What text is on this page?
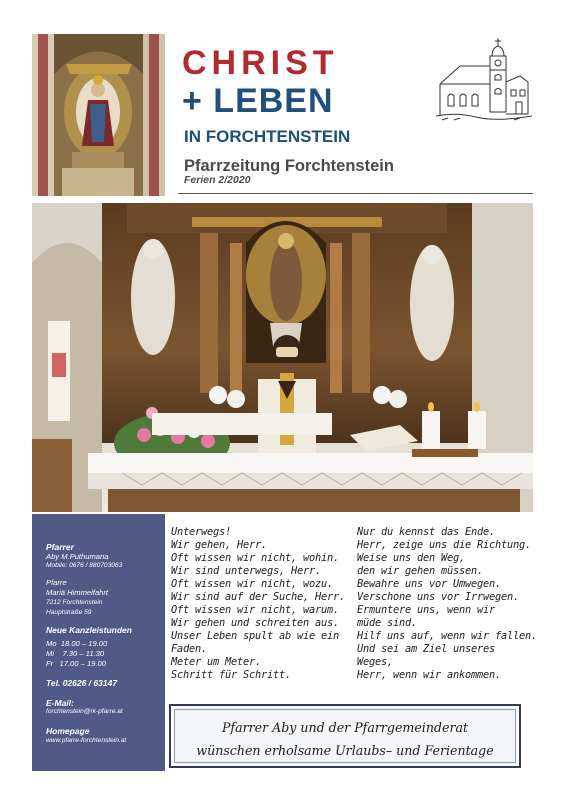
CHRIST
+ LEBEN
IN FORCHTENSTEIN
Pfarrzeitung Forchtenstein
Ferien 2/2020
Pfarrer
Aby M.Puthumana
Mobile: 0676 / 880703063
Pfarre
Mariä Himmelfahrt
7212 Forchtenstein
Hauptstraße 59
Neue Kanzleistunden
Mo  18.00 – 19.00
Mi    7.30 – 11.30
Fr   17.00 – 19.00
Tel. 02626 / 63147
E-Mail:
forchtenstein@rk-pfarre.at
Homepage
www.pfarre-forchtenstein.at
Unterwegs!
Wir gehen, Herr.
Oft wissen wir nicht, wohin.
Wir sind unterwegs, Herr.
Oft wissen wir nicht, wozu.
Wir sind auf der Suche, Herr.
Oft wissen wir nicht, warum.
Wir gehen und schreiten aus.
Unser Leben spult ab wie ein
Faden.
Meter um Meter.
Schritt für Schritt.
Nur du kennst das Ende.
Herr, zeige uns die Richtung.
Weise uns den Weg,
den wir gehen müssen.
Bewahre uns vor Umwegen.
Verschone uns vor Irrwegen.
Ermuntere uns, wenn wir
müde sind.
Hilf uns auf, wenn wir fallen.
Und sei am Ziel unseres
Weges,
Herr, wenn wir ankommen.
Pfarrer Aby und der Pfarrgemeinderat
wünschen erholsame Urlaubs– und Ferientage
